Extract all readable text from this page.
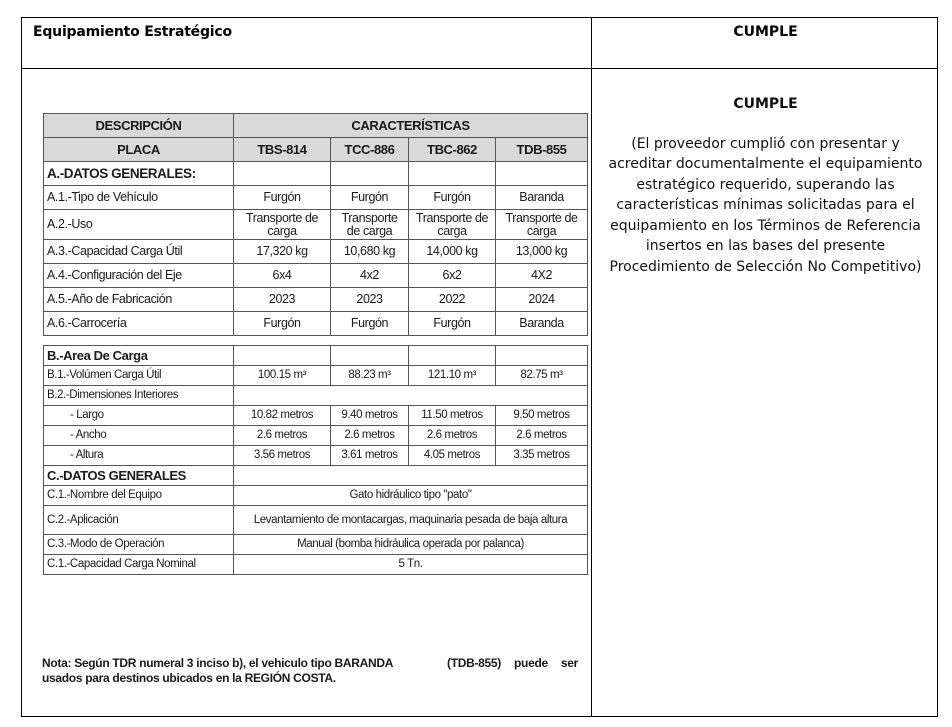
Equipamiento Estratégico	CUMPLE
CUMPLE
(El proveedor cumplió con presentar y acreditar documentalmente el equipamiento estratégico requerido, superando las características mínimas solicitadas para el equipamiento en los Términos de Referencia insertos en las bases del presente Procedimiento de Selección No Competitivo)
DESCRIPCIÓN	CARACTERÍSTICAS			
PLACA	TBS-814	TCC-886	TBC-862	TDB-855
A.-DATOS GENERALES:				
A.1.-Tipo de Vehículo	Furgón	Furgón	Furgón	Baranda
A.2.-Uso	Transporte de carga	Transporte de carga	Transporte de carga	Transporte de carga
A.3.-Capacidad Carga Útil	17,320 kg	10,680 kg	14,000 kg	13,000 kg
A.4.-Configuración del Eje	6x4	4x2	6x2	4X2
A.5.-Año de Fabricación	2023	2023	2022	2024
A.6.-Carrocería	Furgón	Furgón	Furgón	Baranda
B.-Area De Carga				
B.1.-Volúmen Carga Útil	100.15 m³	88.23 m³	121.10 m³	82.75 m³
B.2.-Dimensiones Interiores				
- Largo	10.82 metros	9.40 metros	11.50 metros	9.50 metros
- Ancho	2.6 metros	2.6 metros	2.6 metros	2.6 metros
- Altura	3.56 metros	3.61 metros	4.05 metros	3.35 metros
C.-DATOS GENERALES				
C.1.-Nombre del Equipo	Gato hidráulico tipo "pato"			
C.2.-Aplicación	Levantamiento de montacargas, maquinaria pesada de baja altura			
C.3.-Modo de Operación	Manual (bomba hidráulica operada por palanca)			
C.1.-Capacidad Carga Nominal	5 Tn.			
Nota: Según TDR numeral 3 inciso b), el vehiculo tipo BARANDA	(TDB-855) puede ser
usados para destinos ubicados en la REGIÓN COSTA.
